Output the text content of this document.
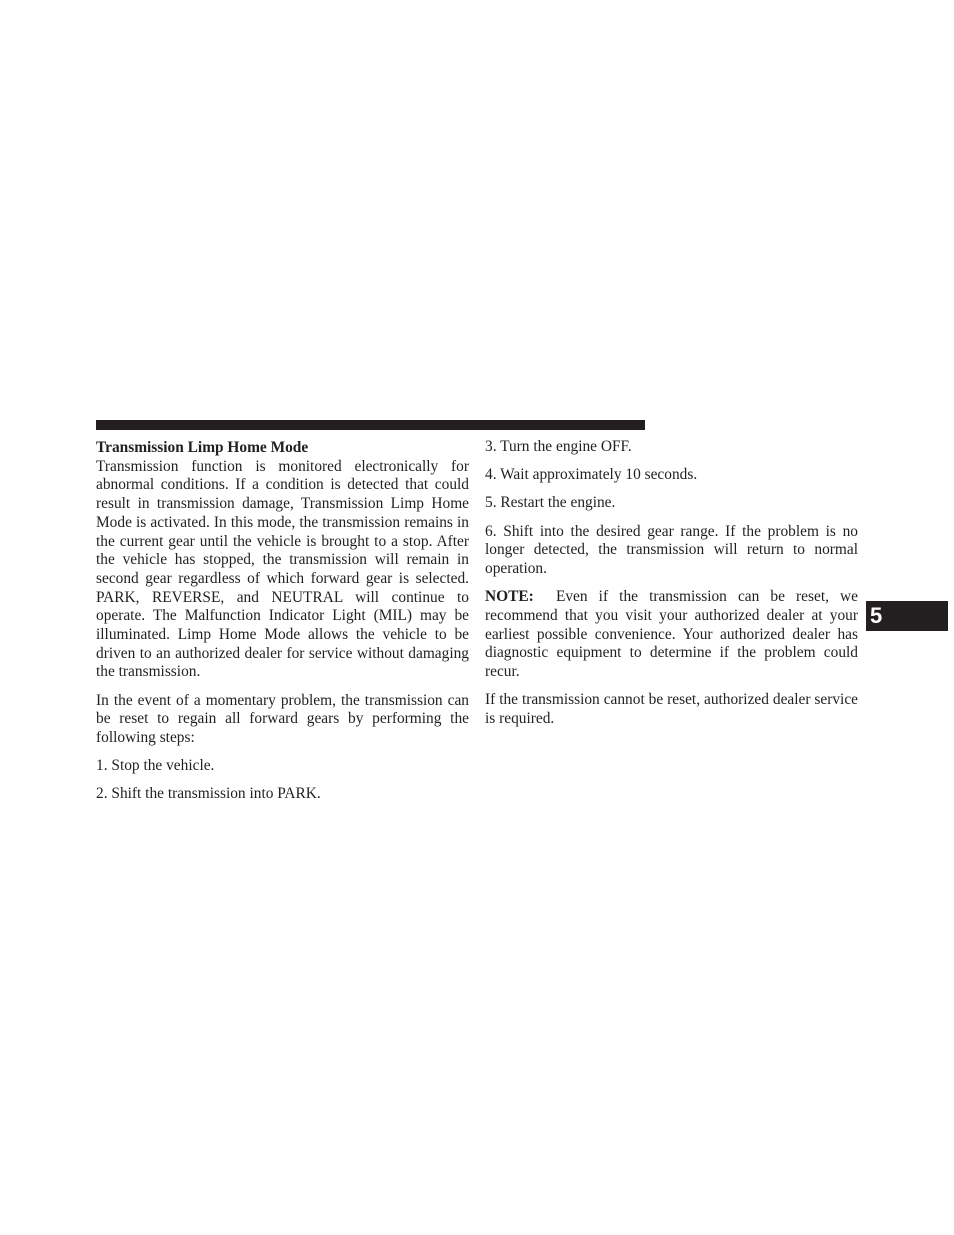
Transmission Limp Home Mode

Transmission function is monitored electronically for abnormal conditions. If a condition is detected that could result in transmission damage, Transmission Limp Home Mode is activated. In this mode, the transmission remains in the current gear until the vehicle is brought to a stop. After the vehicle has stopped, the transmission will remain in second gear regardless of which forward gear is selected. PARK, REVERSE, and NEUTRAL will continue to operate. The Malfunction Indicator Light (MIL) may be illuminated. Limp Home Mode allows the vehicle to be driven to an authorized dealer for service without damaging the transmission.

In the event of a momentary problem, the transmission can be reset to regain all forward gears by performing the following steps:

1. Stop the vehicle.

2. Shift the transmission into PARK.

3. Turn the engine OFF.

4. Wait approximately 10 seconds.

5. Restart the engine.

6. Shift into the desired gear range. If the problem is no longer detected, the transmission will return to normal operation.

NOTE: Even if the transmission can be reset, we recommend that you visit your authorized dealer at your earliest possible convenience. Your authorized dealer has diagnostic equipment to determine if the problem could recur.

If the transmission cannot be reset, authorized dealer service is required.

5
